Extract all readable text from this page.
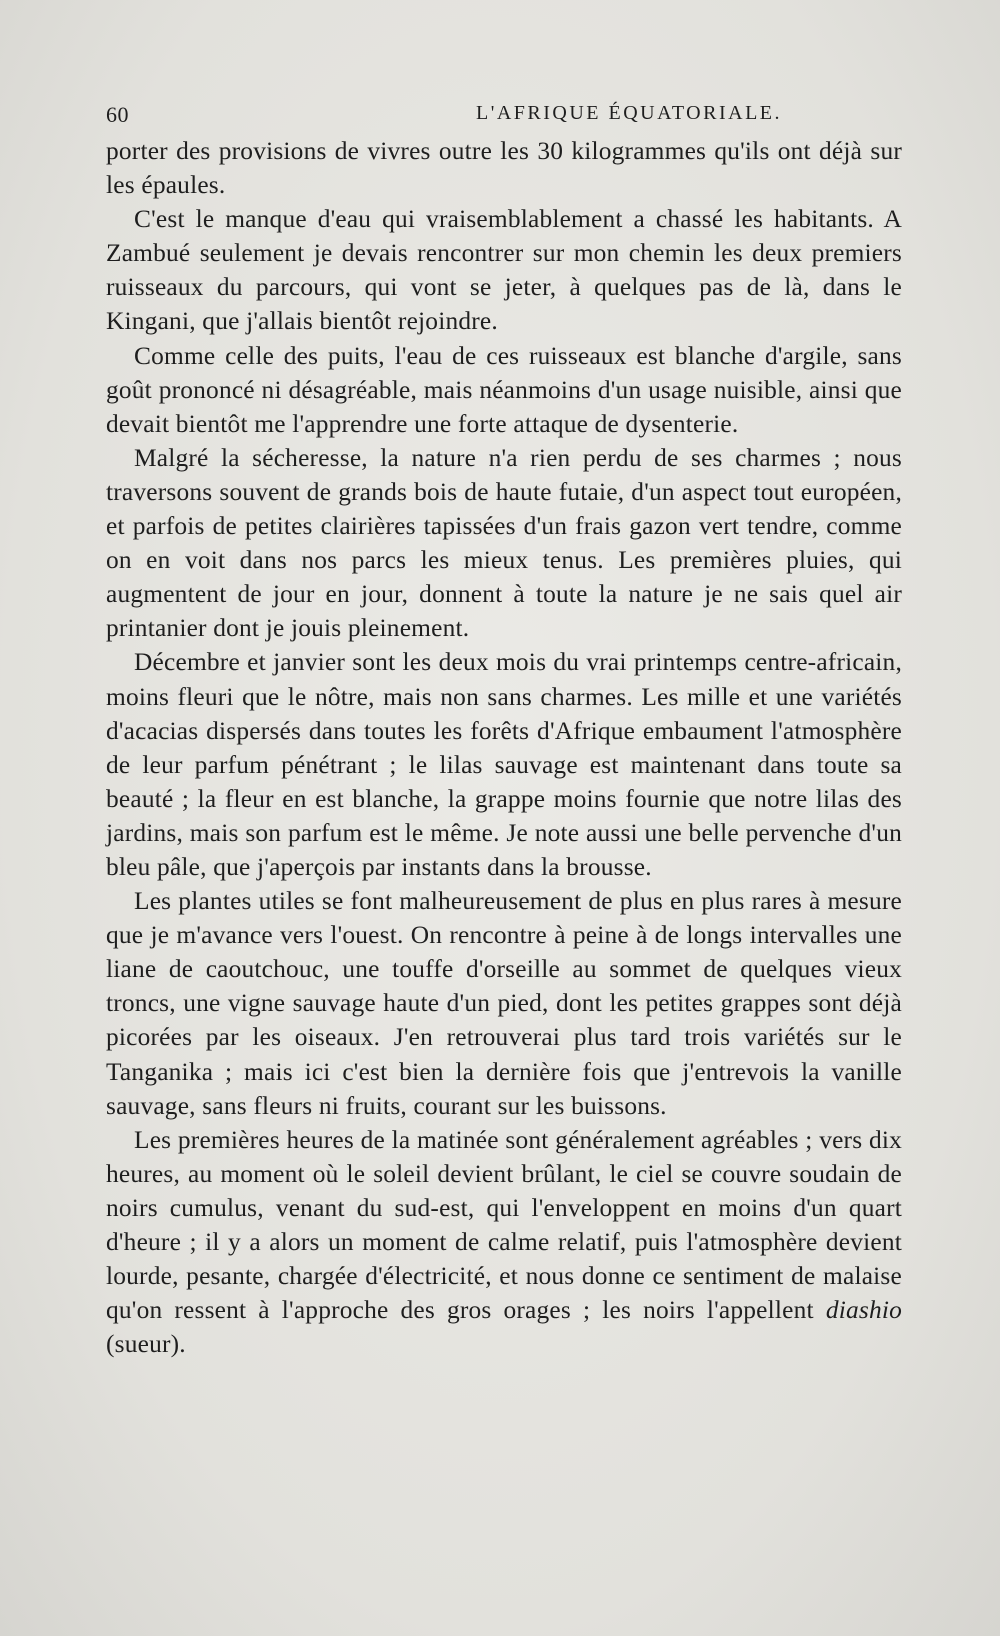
60	L'AFRIQUE ÉQUATORIALE.

porter des provisions de vivres outre les 30 kilogrammes qu'ils ont déjà sur les épaules.

C'est le manque d'eau qui vraisemblablement a chassé les habitants. A Zambué seulement je devais rencontrer sur mon chemin les deux premiers ruisseaux du parcours, qui vont se jeter, à quelques pas de là, dans le Kingani, que j'allais bientôt rejoindre.

Comme celle des puits, l'eau de ces ruisseaux est blanche d'argile, sans goût prononcé ni désagréable, mais néanmoins d'un usage nuisible, ainsi que devait bientôt me l'apprendre une forte attaque de dysenterie.

Malgré la sécheresse, la nature n'a rien perdu de ses charmes ; nous traversons souvent de grands bois de haute futaie, d'un aspect tout européen, et parfois de petites clairières tapissées d'un frais gazon vert tendre, comme on en voit dans nos parcs les mieux tenus. Les premières pluies, qui augmentent de jour en jour, donnent à toute la nature je ne sais quel air printanier dont je jouis pleinement.

Décembre et janvier sont les deux mois du vrai printemps centre-africain, moins fleuri que le nôtre, mais non sans charmes. Les mille et une variétés d'acacias dispersés dans toutes les forêts d'Afrique embaument l'atmosphère de leur parfum pénétrant ; le lilas sauvage est maintenant dans toute sa beauté ; la fleur en est blanche, la grappe moins fournie que notre lilas des jardins, mais son parfum est le même. Je note aussi une belle pervenche d'un bleu pâle, que j'aperçois par instants dans la brousse.

Les plantes utiles se font malheureusement de plus en plus rares à mesure que je m'avance vers l'ouest. On rencontre à peine à de longs intervalles une liane de caoutchouc, une touffe d'orseille au sommet de quelques vieux troncs, une vigne sauvage haute d'un pied, dont les petites grappes sont déjà picorées par les oiseaux. J'en retrouverai plus tard trois variétés sur le Tanganika ; mais ici c'est bien la dernière fois que j'entrevois la vanille sauvage, sans fleurs ni fruits, courant sur les buissons.

Les premières heures de la matinée sont généralement agréables ; vers dix heures, au moment où le soleil devient brûlant, le ciel se couvre soudain de noirs cumulus, venant du sud-est, qui l'enveloppent en moins d'un quart d'heure ; il y a alors un moment de calme relatif, puis l'atmosphère devient lourde, pesante, chargée d'électricité, et nous donne ce sentiment de malaise qu'on ressent à l'approche des gros orages ; les noirs l'appellent diashio (sueur).
